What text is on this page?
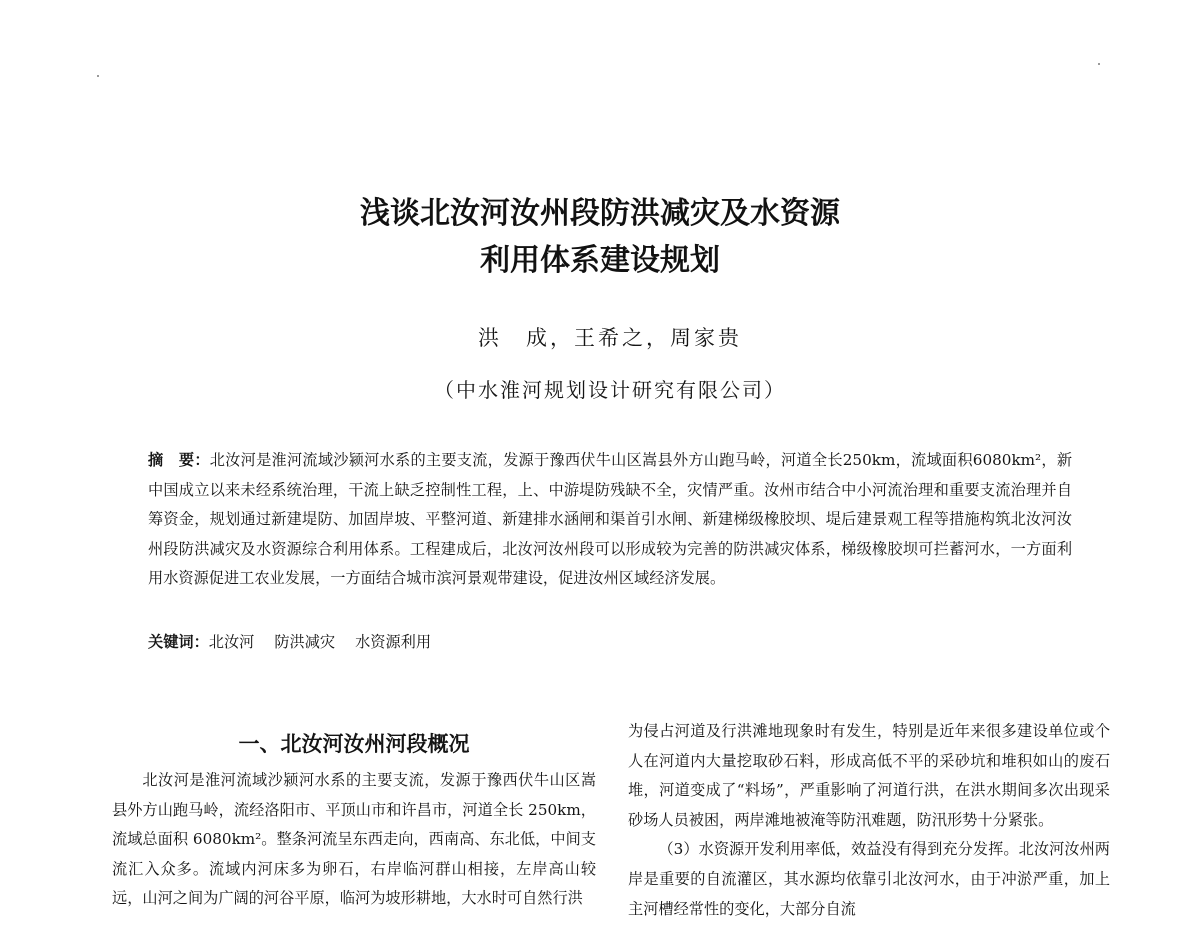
浅谈北汝河汝州段防洪减灾及水资源
利用体系建设规划
洪　成，王希之，周家贵
（中水淮河规划设计研究有限公司）
摘　要：北汝河是淮河流域沙颍河水系的主要支流，发源于豫西伏牛山区嵩县外方山跑马岭，河道全长250km，流域面积6080km²，新中国成立以来未经系统治理，干流上缺乏控制性工程，上、中游堤防残缺不全，灾情严重。汝州市结合中小河流治理和重要支流治理并自筹资金，规划通过新建堤防、加固岸坡、平整河道、新建排水涵闸和渠首引水闸、新建梯级橡胶坝、堤后建景观工程等措施构筑北汝河汝州段防洪减灾及水资源综合利用体系。工程建成后，北汝河汝州段可以形成较为完善的防洪减灾体系，梯级橡胶坝可拦蓄河水，一方面利用水资源促进工农业发展，一方面结合城市滨河景观带建设，促进汝州区域经济发展。
关键词：北汝河 防洪减灾 水资源利用
一、北汝河汝州河段概况

北汝河是淮河流域沙颍河水系的主要支流，发源于豫西伏牛山区嵩县外方山跑马岭，流经洛阳市、平顶山市和许昌市，河道全长 250km，流域总面积 6080km²。整条河流呈东西走向，西南高、东北低，中间支流汇入众多。流域内河床多为卵石，右岸临河群山相接，左岸高山较远，山河之间为广阔的河谷平原，临河为坡形耕地，大水时可自然行洪

为侵占河道及行洪滩地现象时有发生，特别是近年来很多建设单位或个人在河道内大量挖取砂石料，形成高低不平的采砂坑和堆积如山的废石堆，河道变成了“料场”，严重影响了河道行洪，在洪水期间多次出现采砂场人员被困，两岸滩地被淹等防汛难题，防汛形势十分紧张。

（3）水资源开发利用率低，效益没有得到充分发挥。北汝河汝州两岸是重要的自流灌区，其水源均依靠引北汝河水，由于冲淤严重，加上主河槽经常性的变化，大部分自流
